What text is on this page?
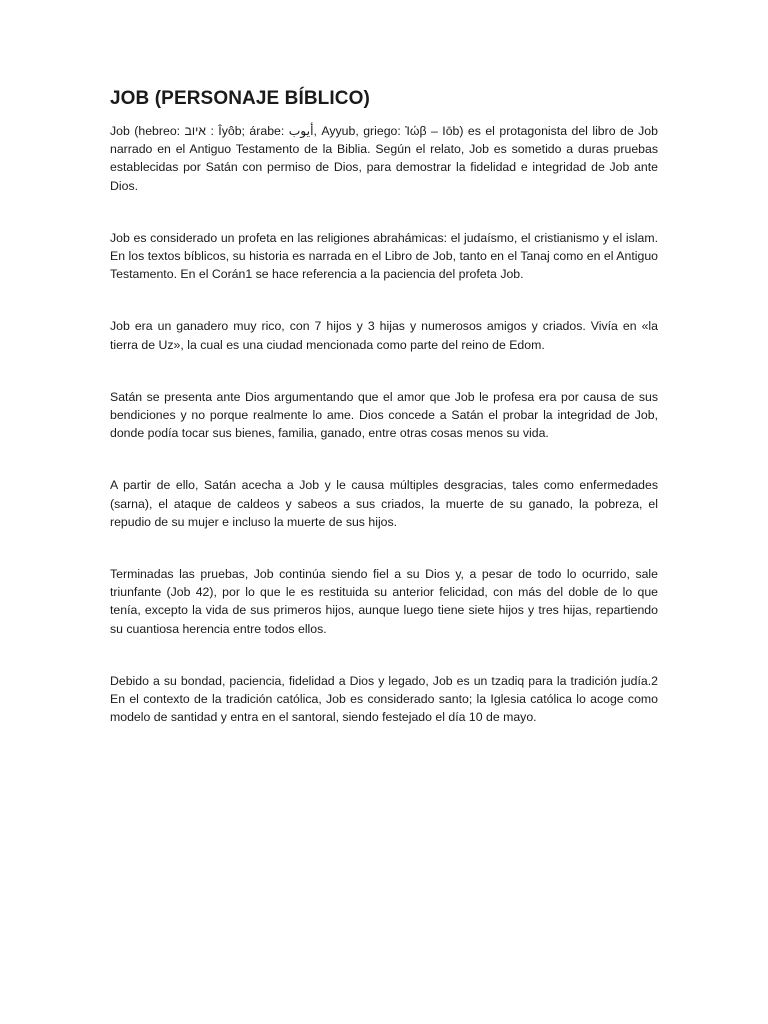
JOB (PERSONAJE BÍBLICO)

Job (hebreo: איוב : Îyôb; árabe: أيوب, Ayyub, griego: Ἰώβ – Iōb) es el protagonista del libro de Job narrado en el Antiguo Testamento de la Biblia. Según el relato, Job es sometido a duras pruebas establecidas por Satán con permiso de Dios, para demostrar la fidelidad e integridad de Job ante Dios.

Job es considerado un profeta en las religiones abrahámicas: el judaísmo, el cristianismo y el islam. En los textos bíblicos, su historia es narrada en el Libro de Job, tanto en el Tanaj como en el Antiguo Testamento. En el Corán1 se hace referencia a la paciencia del profeta Job.

Job era un ganadero muy rico, con 7 hijos y 3 hijas y numerosos amigos y criados. Vivía en «la tierra de Uz», la cual es una ciudad mencionada como parte del reino de Edom.

Satán se presenta ante Dios argumentando que el amor que Job le profesa era por causa de sus bendiciones y no porque realmente lo ame. Dios concede a Satán el probar la integridad de Job, donde podía tocar sus bienes, familia, ganado, entre otras cosas menos su vida.

A partir de ello, Satán acecha a Job y le causa múltiples desgracias, tales como enfermedades (sarna), el ataque de caldeos y sabeos a sus criados, la muerte de su ganado, la pobreza, el repudio de su mujer e incluso la muerte de sus hijos.

Terminadas las pruebas, Job continúa siendo fiel a su Dios y, a pesar de todo lo ocurrido, sale triunfante (Job 42), por lo que le es restituida su anterior felicidad, con más del doble de lo que tenía, excepto la vida de sus primeros hijos, aunque luego tiene siete hijos y tres hijas, repartiendo su cuantiosa herencia entre todos ellos.

Debido a su bondad, paciencia, fidelidad a Dios y legado, Job es un tzadiq para la tradición judía.2 En el contexto de la tradición católica, Job es considerado santo; la Iglesia católica lo acoge como modelo de santidad y entra en el santoral, siendo festejado el día 10 de mayo.
